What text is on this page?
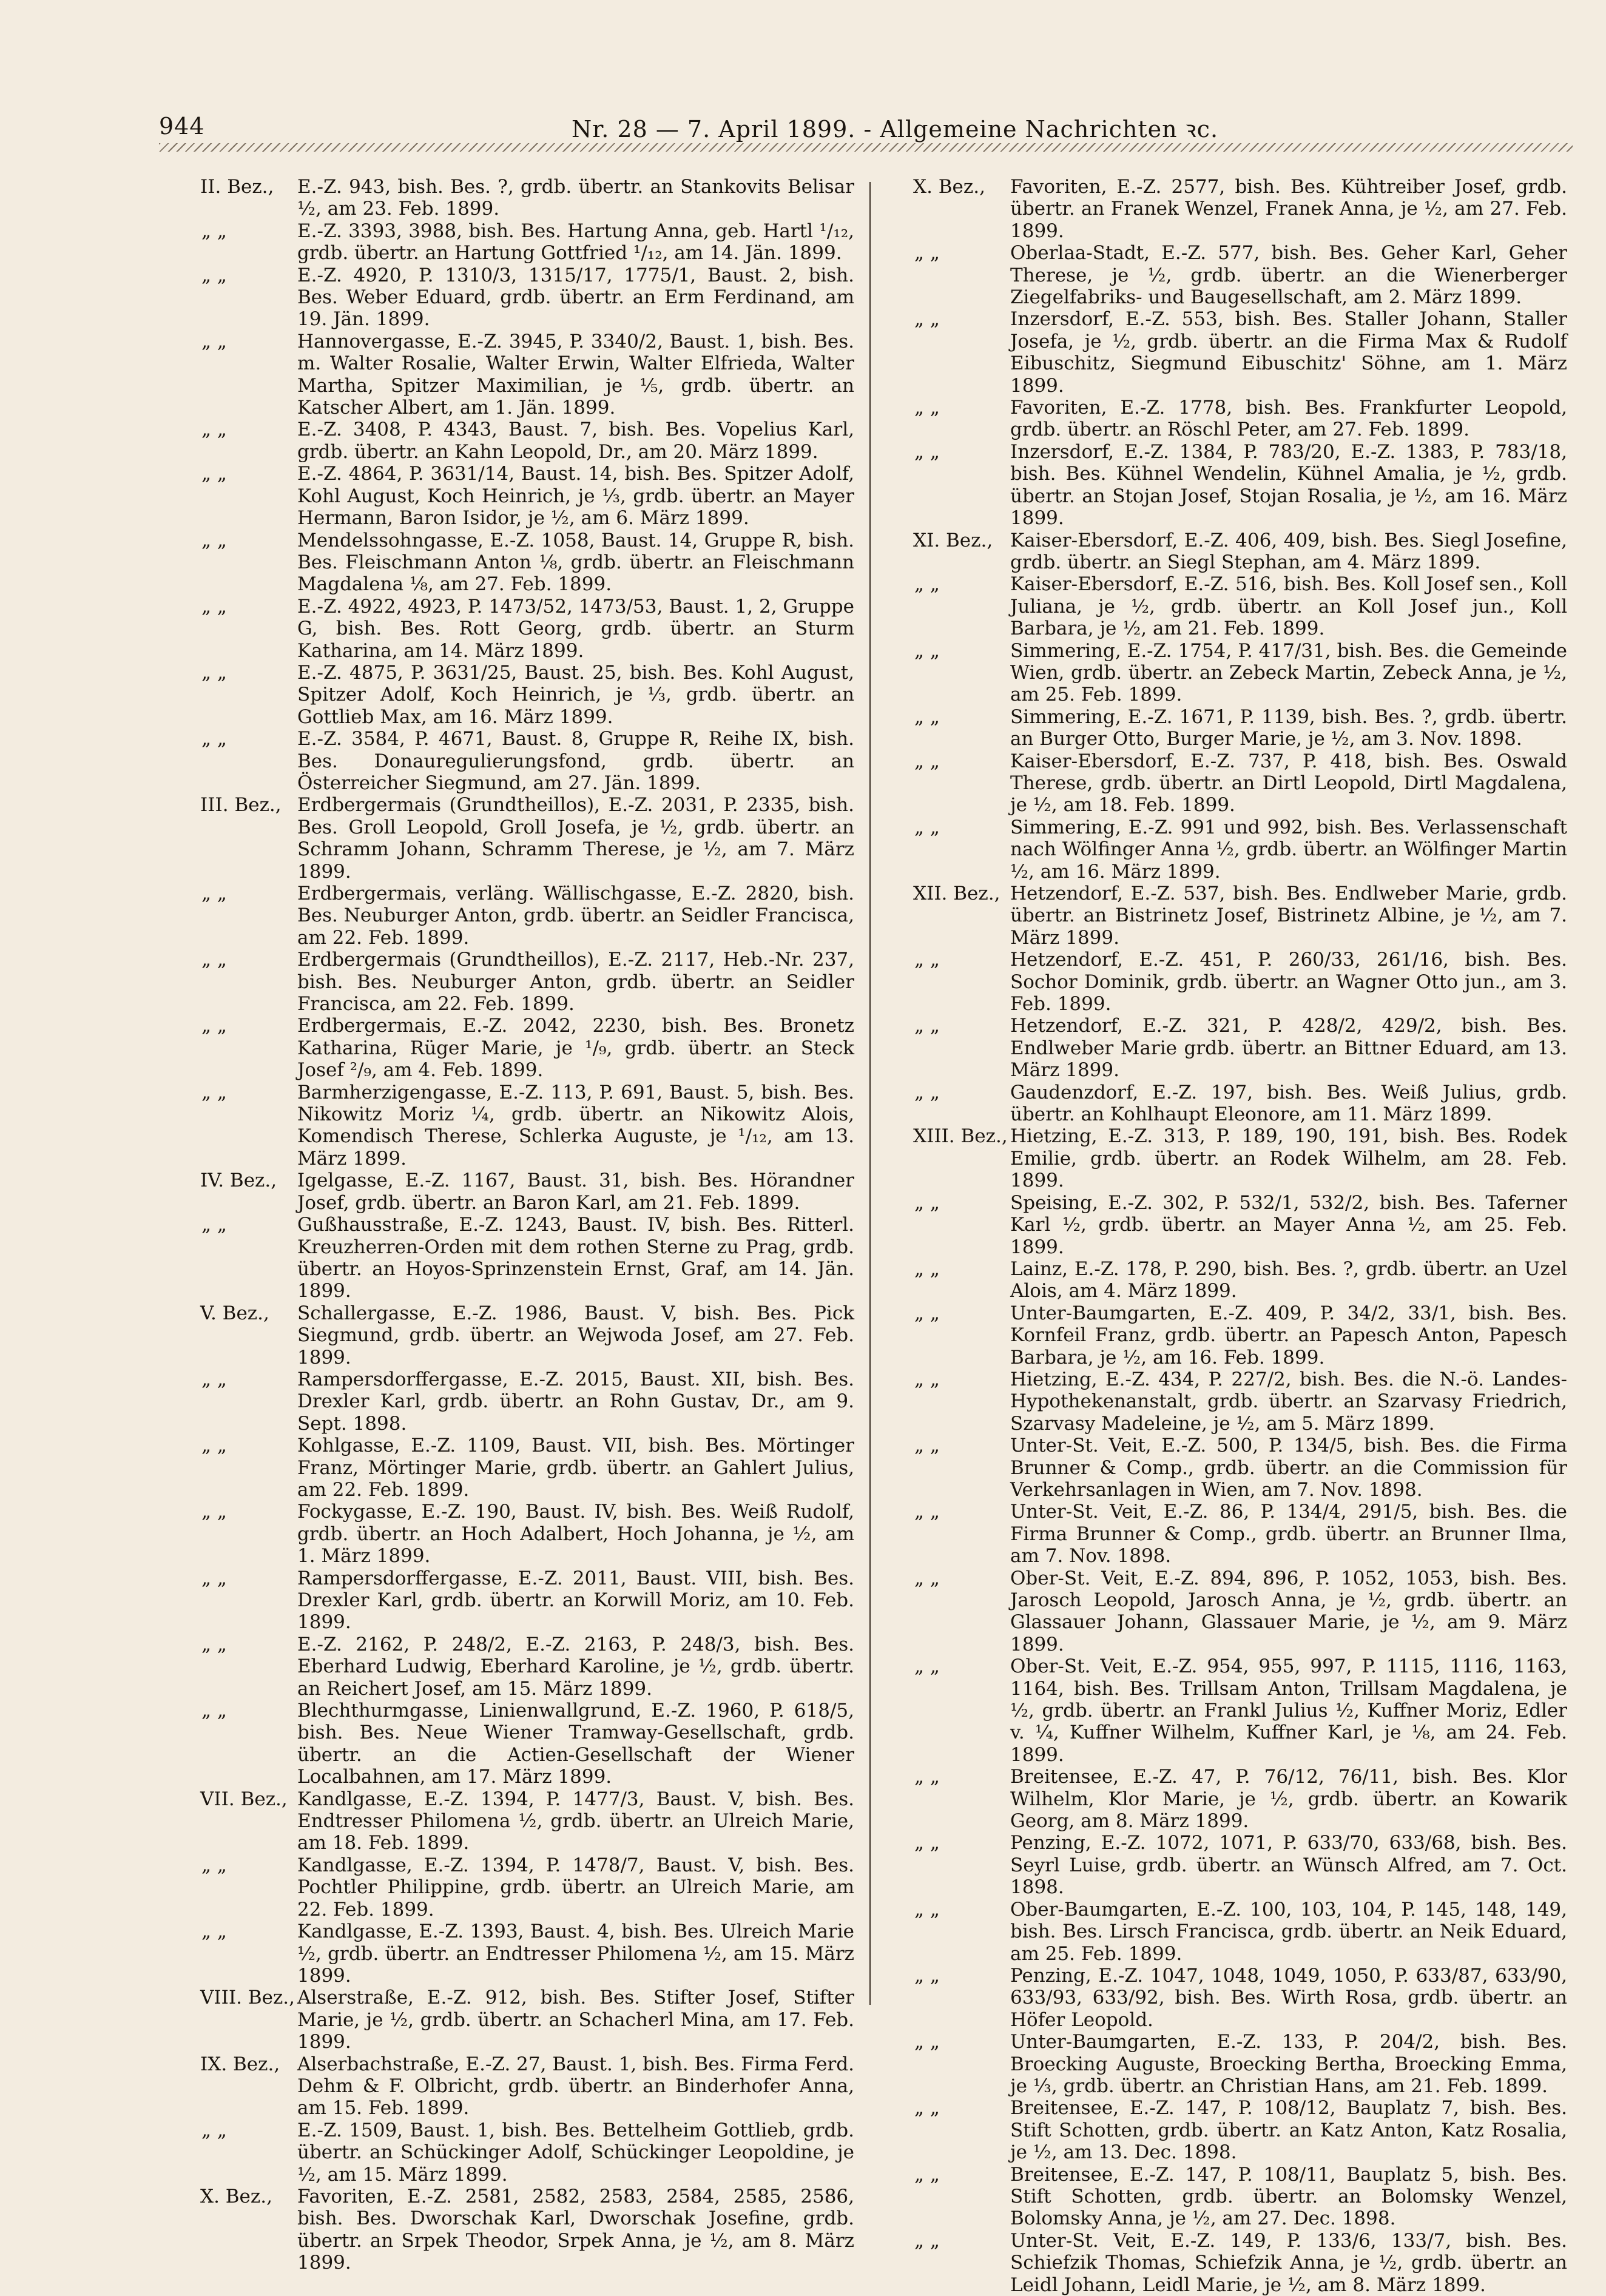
944	Nr. 28 — 7. April 1899. - Allgemeine Nachrichten ꝛc.
II. Bez., E.-Z. 943, bish. Bes. ?, grdb. übertr. an Stankovits Belisar ½, am 23. Feb. 1899.
„ „	E.-Z. 3393, 3988, bish. Bes. Hartung Anna, geb. Hartl ¹/₁₂, grdb. übertr. an Hartung Gottfried ¹/₁₂, am 14. Jän. 1899.
„ „	E.-Z. 4920, P. 1310/3, 1315/17, 1775/1, Baust. 2, bish. Bes. Weber Eduard, grdb. übertr. an Erm Ferdinand, am 19. Jän. 1899.
„ „	Hannovergasse, E.-Z. 3945, P. 3340/2, Baust. 1, bish. Bes. m. Walter Rosalie, Walter Erwin, Walter Elfrieda, Walter Martha, Spitzer Maximilian, je ⅕, grdb. übertr. an Katscher Albert, am 1. Jän. 1899.
„ „	E.-Z. 3408, P. 4343, Baust. 7, bish. Bes. Vopelius Karl, grdb. übertr. an Kahn Leopold, Dr., am 20. März 1899.
„ „	E.-Z. 4864, P. 3631/14, Baust. 14, bish. Bes. Spitzer Adolf, Kohl August, Koch Heinrich, je ⅓, grdb. übertr. an Mayer Hermann, Baron Isidor, je ½, am 6. März 1899.
„ „	Mendelssohngasse, E.-Z. 1058, Baust. 14, Gruppe R, bish. Bes. Fleischmann Anton ⅛, grdb. übertr. an Fleischmann Magdalena ⅛, am 27. Feb. 1899.
„ „	E.-Z. 4922, 4923, P. 1473/52, 1473/53, Baust. 1, 2, Gruppe G, bish. Bes. Rott Georg, grdb. übertr. an Sturm Katharina, am 14. März 1899.
„ „	E.-Z. 4875, P. 3631/25, Baust. 25, bish. Bes. Kohl August, Spitzer Adolf, Koch Heinrich, je ⅓, grdb. übertr. an Gottlieb Max, am 16. März 1899.
„ „	E.-Z. 3584, P. 4671, Baust. 8, Gruppe R, Reihe IX, bish. Bes. Donauregulierungsfond, grdb. übertr. an Österreicher Siegmund, am 27. Jän. 1899.
III. Bez., Erdbergermais (Grundtheillos), E.-Z. 2031, P. 2335, bish. Bes. Groll Leopold, Groll Josefa, je ½, grdb. übertr. an Schramm Johann, Schramm Therese, je ½, am 7. März 1899.
„ „	Erdbergermais, verläng. Wällischgasse, E.-Z. 2820, bish. Bes. Neuburger Anton, grdb. übertr. an Seidler Francisca, am 22. Feb. 1899.
„ „	Erdbergermais (Grundtheillos), E.-Z. 2117, Heb.-Nr. 237, bish. Bes. Neuburger Anton, grdb. übertr. an Seidler Francisca, am 22. Feb. 1899.
„ „	Erdbergermais, E.-Z. 2042, 2230, bish. Bes. Bronetz Katharina, Rüger Marie, je ¹/₉, grdb. übertr. an Steck Josef ²/₉, am 4. Feb. 1899.
„ „	Barmherzigengasse, E.-Z. 113, P. 691, Baust. 5, bish. Bes. Nikowitz Moriz ¼, grdb. übertr. an Nikowitz Alois, Komendisch Therese, Schlerka Auguste, je ¹/₁₂, am 13. März 1899.
IV. Bez., Igelgasse, E.-Z. 1167, Baust. 31, bish. Bes. Hörandner Josef, grdb. übertr. an Baron Karl, am 21. Feb. 1899.
„ „	Gußhausstraße, E.-Z. 1243, Baust. IV, bish. Bes. Ritterl. Kreuzherren-Orden mit dem rothen Sterne zu Prag, grdb. übertr. an Hoyos-Sprinzenstein Ernst, Graf, am 14. Jän. 1899.
V. Bez., Schallergasse, E.-Z. 1986, Baust. V, bish. Bes. Pick Siegmund, grdb. übertr. an Wejwoda Josef, am 27. Feb. 1899.
„ „	Rampersdorffergasse, E.-Z. 2015, Baust. XII, bish. Bes. Drexler Karl, grdb. übertr. an Rohn Gustav, Dr., am 9. Sept. 1898.
„ „	Kohlgasse, E.-Z. 1109, Baust. VII, bish. Bes. Mörtinger Franz, Mörtinger Marie, grdb. übertr. an Gahlert Julius, am 22. Feb. 1899.
„ „	Fockygasse, E.-Z. 190, Baust. IV, bish. Bes. Weiß Rudolf, grdb. übertr. an Hoch Adalbert, Hoch Johanna, je ½, am 1. März 1899.
„ „	Rampersdorffergasse, E.-Z. 2011, Baust. VIII, bish. Bes. Drexler Karl, grdb. übertr. an Korwill Moriz, am 10. Feb. 1899.
„ „	E.-Z. 2162, P. 248/2, E.-Z. 2163, P. 248/3, bish. Bes. Eberhard Ludwig, Eberhard Karoline, je ½, grdb. übertr. an Reichert Josef, am 15. März 1899.
„ „	Blechthurmgasse, Linienwallgrund, E.-Z. 1960, P. 618/5, bish. Bes. Neue Wiener Tramway-Gesellschaft, grdb. übertr. an die Actien-Gesellschaft der Wiener Localbahnen, am 17. März 1899.
VII. Bez., Kandlgasse, E.-Z. 1394, P. 1477/3, Baust. V, bish. Bes. Endtresser Philomena ½, grdb. übertr. an Ulreich Marie, am 18. Feb. 1899.
„ „	Kandlgasse, E.-Z. 1394, P. 1478/7, Baust. V, bish. Bes. Pochtler Philippine, grdb. übertr. an Ulreich Marie, am 22. Feb. 1899.
„ „	Kandlgasse, E.-Z. 1393, Baust. 4, bish. Bes. Ulreich Marie ½, grdb. übertr. an Endtresser Philomena ½, am 15. März 1899.
VIII. Bez., Alserstraße, E.-Z. 912, bish. Bes. Stifter Josef, Stifter Marie, je ½, grdb. übertr. an Schacherl Mina, am 17. Feb. 1899.
IX. Bez., Alserbachstraße, E.-Z. 27, Baust. 1, bish. Bes. Firma Ferd. Dehm & F. Olbricht, grdb. übertr. an Binderhofer Anna, am 15. Feb. 1899.
„ „	E.-Z. 1509, Baust. 1, bish. Bes. Bettelheim Gottlieb, grdb. übertr. an Schückinger Adolf, Schückinger Leopoldine, je ½, am 15. März 1899.
X. Bez., Favoriten, E.-Z. 2581, 2582, 2583, 2584, 2585, 2586, bish. Bes. Dworschak Karl, Dworschak Josefine, grdb. übertr. an Srpek Theodor, Srpek Anna, je ½, am 8. März 1899.
X. Bez., Favoriten, E.-Z. 2577, bish. Bes. Kühtreiber Josef, grdb. übertr. an Franek Wenzel, Franek Anna, je ½, am 27. Feb. 1899.
„ „	Oberlaa-Stadt, E.-Z. 577, bish. Bes. Geher Karl, Geher Therese, je ½, grdb. übertr. an die Wienerberger Ziegelfabriks- und Baugesellschaft, am 2. März 1899.
„ „	Inzersdorf, E.-Z. 553, bish. Bes. Staller Johann, Staller Josefa, je ½, grdb. übertr. an die Firma Max & Rudolf Eibuschitz, Siegmund Eibuschitz' Söhne, am 1. März 1899.
„ „	Favoriten, E.-Z. 1778, bish. Bes. Frankfurter Leopold, grdb. übertr. an Röschl Peter, am 27. Feb. 1899.
„ „	Inzersdorf, E.-Z. 1384, P. 783/20, E.-Z. 1383, P. 783/18, bish. Bes. Kühnel Wendelin, Kühnel Amalia, je ½, grdb. übertr. an Stojan Josef, Stojan Rosalia, je ½, am 16. März 1899.
XI. Bez., Kaiser-Ebersdorf, E.-Z. 406, 409, bish. Bes. Siegl Josefine, grdb. übertr. an Siegl Stephan, am 4. März 1899.
„ „	Kaiser-Ebersdorf, E.-Z. 516, bish. Bes. Koll Josef sen., Koll Juliana, je ½, grdb. übertr. an Koll Josef jun., Koll Barbara, je ½, am 21. Feb. 1899.
„ „	Simmering, E.-Z. 1754, P. 417/31, bish. Bes. die Gemeinde Wien, grdb. übertr. an Zebeck Martin, Zebeck Anna, je ½, am 25. Feb. 1899.
„ „	Simmering, E.-Z. 1671, P. 1139, bish. Bes. ?, grdb. übertr. an Burger Otto, Burger Marie, je ½, am 3. Nov. 1898.
„ „	Kaiser-Ebersdorf, E.-Z. 737, P. 418, bish. Bes. Oswald Therese, grdb. übertr. an Dirtl Leopold, Dirtl Magdalena, je ½, am 18. Feb. 1899.
„ „	Simmering, E.-Z. 991 und 992, bish. Bes. Verlassenschaft nach Wölfinger Anna ½, grdb. übertr. an Wölfinger Martin ½, am 16. März 1899.
XII. Bez., Hetzendorf, E.-Z. 537, bish. Bes. Endlweber Marie, grdb. übertr. an Bistrinetz Josef, Bistrinetz Albine, je ½, am 7. März 1899.
„ „	Hetzendorf, E.-Z. 451, P. 260/33, 261/16, bish. Bes. Sochor Dominik, grdb. übertr. an Wagner Otto jun., am 3. Feb. 1899.
„ „	Hetzendorf, E.-Z. 321, P. 428/2, 429/2, bish. Bes. Endlweber Marie grdb. übertr. an Bittner Eduard, am 13. März 1899.
„ „	Gaudenzdorf, E.-Z. 197, bish. Bes. Weiß Julius, grdb. übertr. an Kohlhaupt Eleonore, am 11. März 1899.
XIII. Bez., Hietzing, E.-Z. 313, P. 189, 190, 191, bish. Bes. Rodek Emilie, grdb. übertr. an Rodek Wilhelm, am 28. Feb. 1899.
„ „	Speising, E.-Z. 302, P. 532/1, 532/2, bish. Bes. Taferner Karl ½, grdb. übertr. an Mayer Anna ½, am 25. Feb. 1899.
„ „	Lainz, E.-Z. 178, P. 290, bish. Bes. ?, grdb. übertr. an Uzel Alois, am 4. März 1899.
„ „	Unter-Baumgarten, E.-Z. 409, P. 34/2, 33/1, bish. Bes. Kornfeil Franz, grdb. übertr. an Papesch Anton, Papesch Barbara, je ½, am 16. Feb. 1899.
„ „	Hietzing, E.-Z. 434, P. 227/2, bish. Bes. die N.-ö. Landes-Hypothekenanstalt, grdb. übertr. an Szarvasy Friedrich, Szarvasy Madeleine, je ½, am 5. März 1899.
„ „	Unter-St. Veit, E.-Z. 500, P. 134/5, bish. Bes. die Firma Brunner & Comp., grdb. übertr. an die Commission für Verkehrsanlagen in Wien, am 7. Nov. 1898.
„ „	Unter-St. Veit, E.-Z. 86, P. 134/4, 291/5, bish. Bes. die Firma Brunner & Comp., grdb. übertr. an Brunner Ilma, am 7. Nov. 1898.
„ „	Ober-St. Veit, E.-Z. 894, 896, P. 1052, 1053, bish. Bes. Jarosch Leopold, Jarosch Anna, je ½, grdb. übertr. an Glassauer Johann, Glassauer Marie, je ½, am 9. März 1899.
„ „	Ober-St. Veit, E.-Z. 954, 955, 997, P. 1115, 1116, 1163, 1164, bish. Bes. Trillsam Anton, Trillsam Magdalena, je ½, grdb. übertr. an Frankl Julius ½, Kuffner Moriz, Edler v. ¼, Kuffner Wilhelm, Kuffner Karl, je ⅛, am 24. Feb. 1899.
„ „	Breitensee, E.-Z. 47, P. 76/12, 76/11, bish. Bes. Klor Wilhelm, Klor Marie, je ½, grdb. übertr. an Kowarik Georg, am 8. März 1899.
„ „	Penzing, E.-Z. 1072, 1071, P. 633/70, 633/68, bish. Bes. Seyrl Luise, grdb. übertr. an Wünsch Alfred, am 7. Oct. 1898.
„ „	Ober-Baumgarten, E.-Z. 100, 103, 104, P. 145, 148, 149, bish. Bes. Lirsch Francisca, grdb. übertr. an Neik Eduard, am 25. Feb. 1899.
„ „	Penzing, E.-Z. 1047, 1048, 1049, 1050, P. 633/87, 633/90, 633/93, 633/92, bish. Bes. Wirth Rosa, grdb. übertr. an Höfer Leopold.
„ „	Unter-Baumgarten, E.-Z. 133, P. 204/2, bish. Bes. Broecking Auguste, Broecking Bertha, Broecking Emma, je ⅓, grdb. übertr. an Christian Hans, am 21. Feb. 1899.
„ „	Breitensee, E.-Z. 147, P. 108/12, Bauplatz 7, bish. Bes. Stift Schotten, grdb. übertr. an Katz Anton, Katz Rosalia, je ½, am 13. Dec. 1898.
„ „	Breitensee, E.-Z. 147, P. 108/11, Bauplatz 5, bish. Bes. Stift Schotten, grdb. übertr. an Bolomsky Wenzel, Bolomsky Anna, je ½, am 27. Dec. 1898.
„ „	Unter-St. Veit, E.-Z. 149, P. 133/6, 133/7, bish. Bes. Schiefzik Thomas, Schiefzik Anna, je ½, grdb. übertr. an Leidl Johann, Leidl Marie, je ½, am 8. März 1899.
